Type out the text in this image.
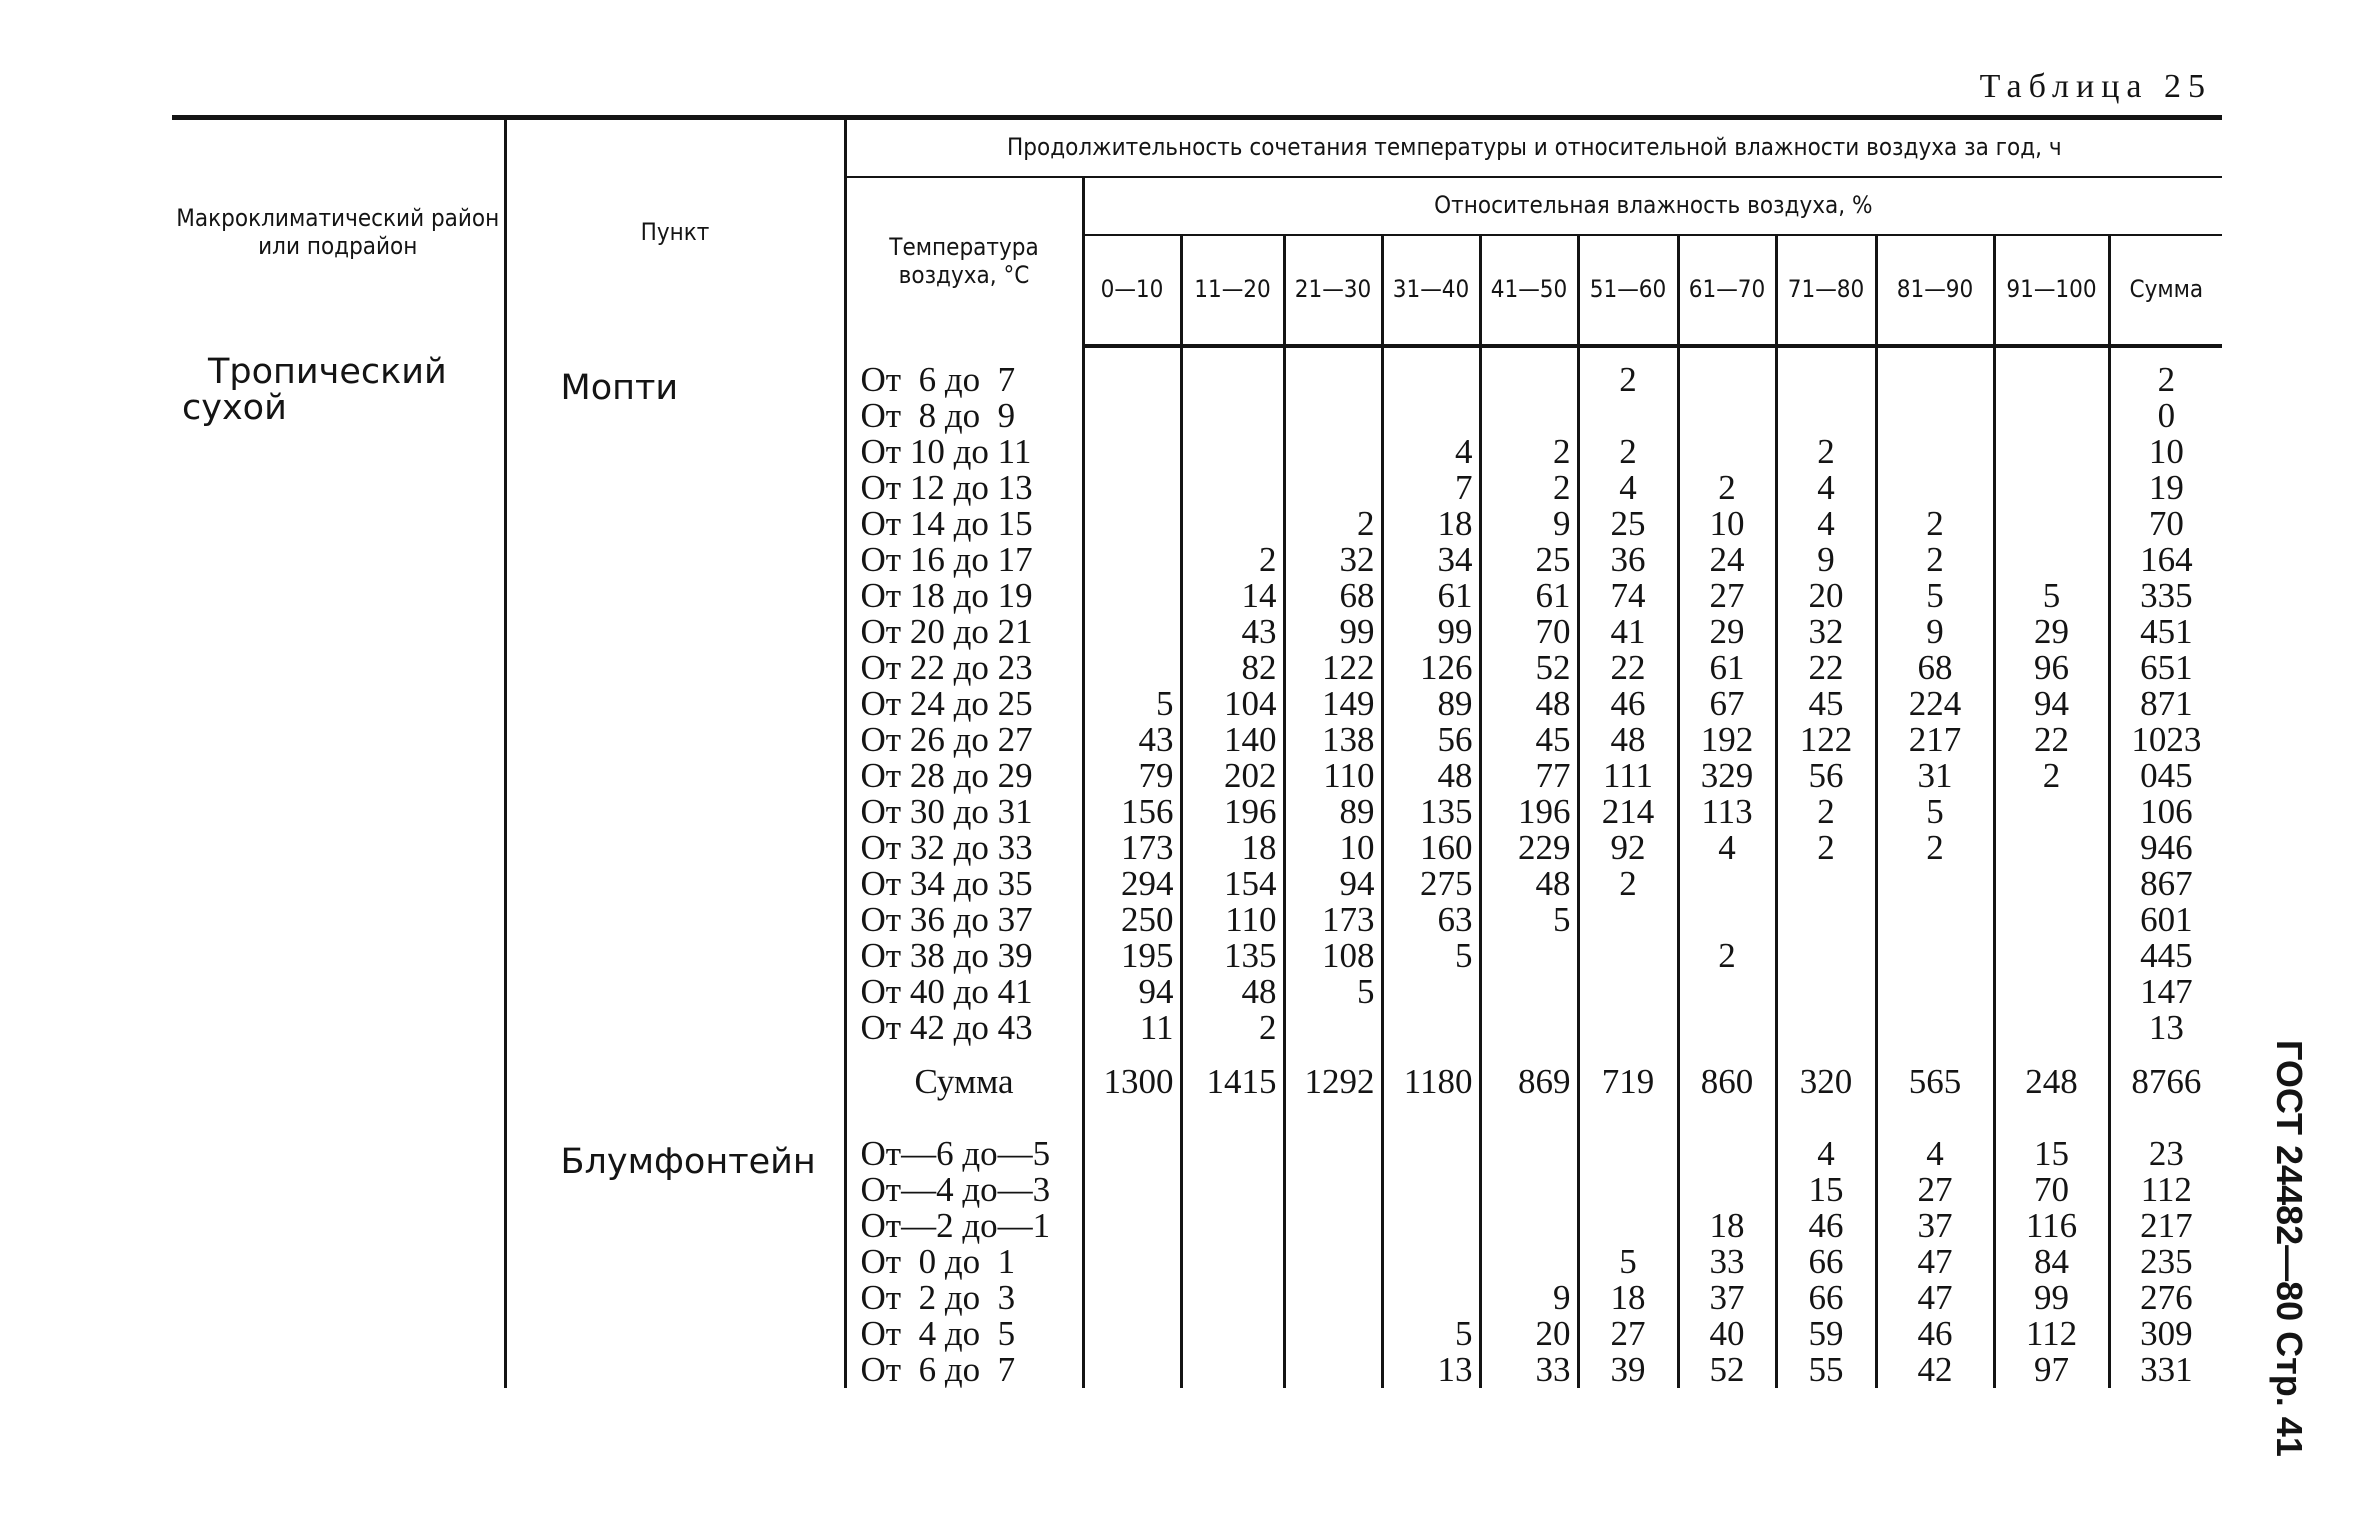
Таблица 25
ГОСТ 24482—80 Стр. 41
Макроклиматический район или подрайон	Пункт	Продолжительность сочетания температуры и относительной влажности воздуха за год, ч											
		Температура воздуха, °С	Относительная влажность воздуха, %										
			0—10	11—20	21—30	31—40	41—50	51—60	61—70	71—80	81—90	91—100	Сумма

Тропический
сухой													

	Мопти	От  6 до  7						2					2
		От  8 до  9											0
		От 10 до 11				4	2	2		2			10
		От 12 до 13				7	2	4	2	4			19
		От 14 до 15			2	18	9	25	10	4	2		70
		От 16 до 17		2	32	34	25	36	24	9	2		164
		От 18 до 19		14	68	61	61	74	27	20	5	5	335
		От 20 до 21		43	99	99	70	41	29	32	9	29	451
		От 22 до 23		82	122	126	52	22	61	22	68	96	651
		От 24 до 25	5	104	149	89	48	46	67	45	224	94	871
		От 26 до 27	43	140	138	56	45	48	192	122	217	22	1023
		От 28 до 29	79	202	110	48	77	111	329	56	31	2	045
		От 30 до 31	156	196	89	135	196	214	113	2	5		106
		От 32 до 33	173	18	10	160	229	92	4	2	2		946
		От 34 до 35	294	154	94	275	48	2					867
		От 36 до 37	250	110	173	63	5						601
		От 38 до 39	195	135	108	5			2				445
		От 40 до 41	94	48	5								147
		От 42 до 43	11	2									13
		Сумма	1300	1415	1292	1180	869	719	860	320	565	248	8766

	Блумфонтейн	От—6 до—5								4	4	15	23
		От—4 до—3								15	27	70	112
		От—2 до—1							18	46	37	116	217
		От  0 до  1						5	33	66	47	84	235
		От  2 до  3					9	18	37	66	47	99	276
		От  4 до  5				5	20	27	40	59	46	112	309
		От  6 до  7				13	33	39	52	55	42	97	331
